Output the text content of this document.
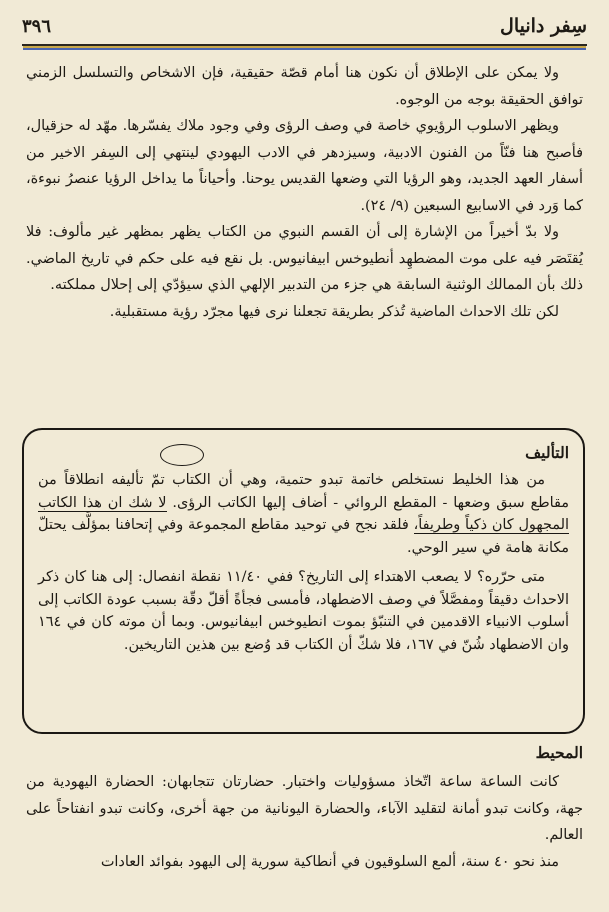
سِفر دانيال
٣٩٦

ولا يمكن على الإطلاق أن نكون هنا أمام قصّة حقيقية، فإن الاشخاص والتسلسل الزمني توافق الحقيقة بوجه من الوجوه.

ويظهر الاسلوب الرؤيوي خاصة في وصف الرؤى وفي وجود ملاك يفسّرها. مهّد له حزقيال، فأصبح هنا فنّاً من الفنون الادبية، وسيزدهر في الادب اليهودي لينتهي إلى السِفر الاخير من أسفار العهد الجديد، وهو الرؤيا التي وضعها القديس يوحنا. وأحياناً ما يداخل الرؤيا عنصرُ نبوءة، كما وَرد في الاسابيع السبعين (٩/ ٢٤).

ولا بدّ أخيراً من الإشارة إلى أن القسم النبوي من الكتاب يظهر بمظهر غير مألوف: فلا يُقتَصَر فيه على موت المضطهِد أنطيوخس ابيفانيوس. بل نقع فيه على حكم في تاريخ الماضي. ذلك بأن الممالك الوثنية السابقة هي جزء من التدبير الإلهي الذي سيؤدّي إلى إحلال مملكته.

لكن تلك الاحداث الماضية تُذكر بطريقة تجعلنا نرى فيها مجرّد رؤية مستقبلية.

التأليف

من هذا الخليط نستخلص خاتمة تبدو حتمية، وهي أن الكتاب تمّ تأليفه انطلاقاً من مقاطع سبق وضعها - المقطع الروائي - أضاف إليها الكاتب الرؤى. لا شك ان هذا الكاتب المجهول كان ذكياً وطريفاً، فلقد نجح في توحيد مقاطع المجموعة وفي إتحافنا بمؤلَّف يحتلّ مكانة هامة في سير الوحي.

متى حرّره؟ لا يصعب الاهتداء إلى التاريخ؟ ففي ١١/٤٠ نقطة انفصال: إلى هنا كان ذكر الاحداث دقيقاً ومفصَّلاً في وصف الاضطهاد، فأمسى فجأةً أقلّ دقّة بسبب عودة الكاتب إلى أسلوب الانبياء الاقدمين في التنبّؤ بموت انطيوخس ابيفانيوس. وبما أن موته كان في ١٦٤ وان الاضطهاد شُنّ في ١٦٧، فلا شكّ أن الكتاب قد وُضع بين هذين التاريخين.

المحيط

كانت الساعة ساعة اتّخاذ مسؤوليات واختبار. حضارتان تتجابهان: الحضارة اليهودية من جهة، وكانت تبدو أمانة لتقليد الآباء، والحضارة اليونانية من جهة أخرى، وكانت تبدو انفتاحاً على العالم.

منذ نحو ٤٠ سنة، ألمع السلوقيون في أنطاكية سورية إلى اليهود بفوائد العادات
